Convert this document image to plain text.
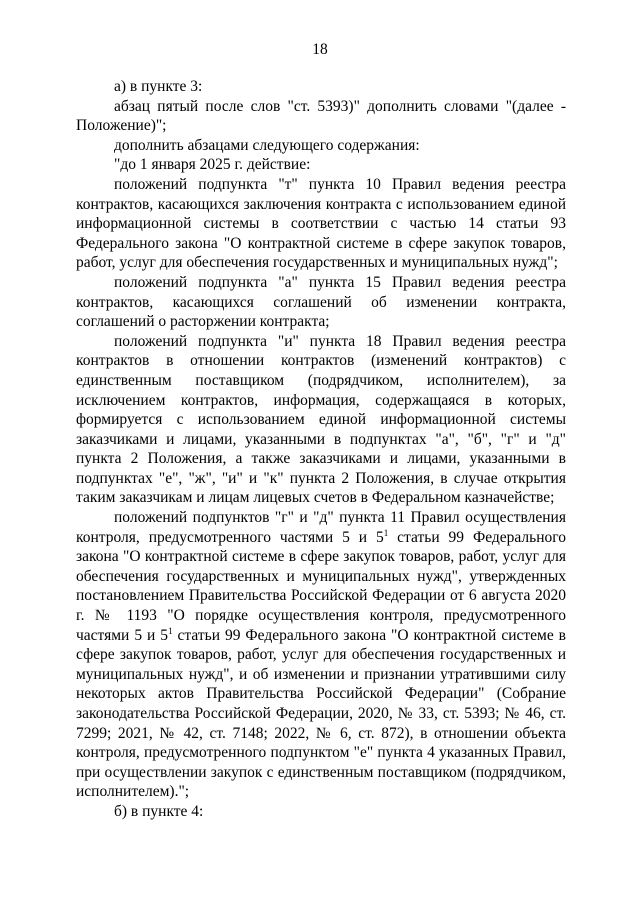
18

а) в пункте 3:

абзац пятый после слов "ст. 5393)" дополнить словами "(далее - Положение)";

дополнить абзацами следующего содержания:

"до 1 января 2025 г. действие:

положений подпункта "т" пункта 10 Правил ведения реестра контрактов, касающихся заключения контракта с использованием единой информационной системы в соответствии с частью 14 статьи 93 Федерального закона "О контрактной системе в сфере закупок товаров, работ, услуг для обеспечения государственных и муниципальных нужд";

положений подпункта "а" пункта 15 Правил ведения реестра контрактов, касающихся соглашений об изменении контракта, соглашений о расторжении контракта;

положений подпункта "и" пункта 18 Правил ведения реестра контрактов в отношении контрактов (изменений контрактов) с единственным поставщиком (подрядчиком, исполнителем), за исключением контрактов, информация, содержащаяся в которых, формируется с использованием единой информационной системы заказчиками и лицами, указанными в подпунктах "а", "б", "г" и "д" пункта 2 Положения, а также заказчиками и лицами, указанными в подпунктах "е", "ж", "и" и "к" пункта 2 Положения, в случае открытия таким заказчикам и лицам лицевых счетов в Федеральном казначействе;

положений подпунктов "г" и "д" пункта 11 Правил осуществления контроля, предусмотренного частями 5 и $5^1$ статьи 99 Федерального закона "О контрактной системе в сфере закупок товаров, работ, услуг для обеспечения государственных и муниципальных нужд", утвержденных постановлением Правительства Российской Федерации от 6 августа 2020 г. № 1193 "О порядке осуществления контроля, предусмотренного частями 5 и $5^1$ статьи 99 Федерального закона "О контрактной системе в сфере закупок товаров, работ, услуг для обеспечения государственных и муниципальных нужд", и об изменении и признании утратившими силу некоторых актов Правительства Российской Федерации" (Собрание законодательства Российской Федерации, 2020, № 33, ст. 5393; № 46, ст. 7299; 2021, № 42, ст. 7148; 2022, № 6, ст. 872), в отношении объекта контроля, предусмотренного подпунктом "е" пункта 4 указанных Правил, при осуществлении закупок с единственным поставщиком (подрядчиком, исполнителем).";

б) в пункте 4:
